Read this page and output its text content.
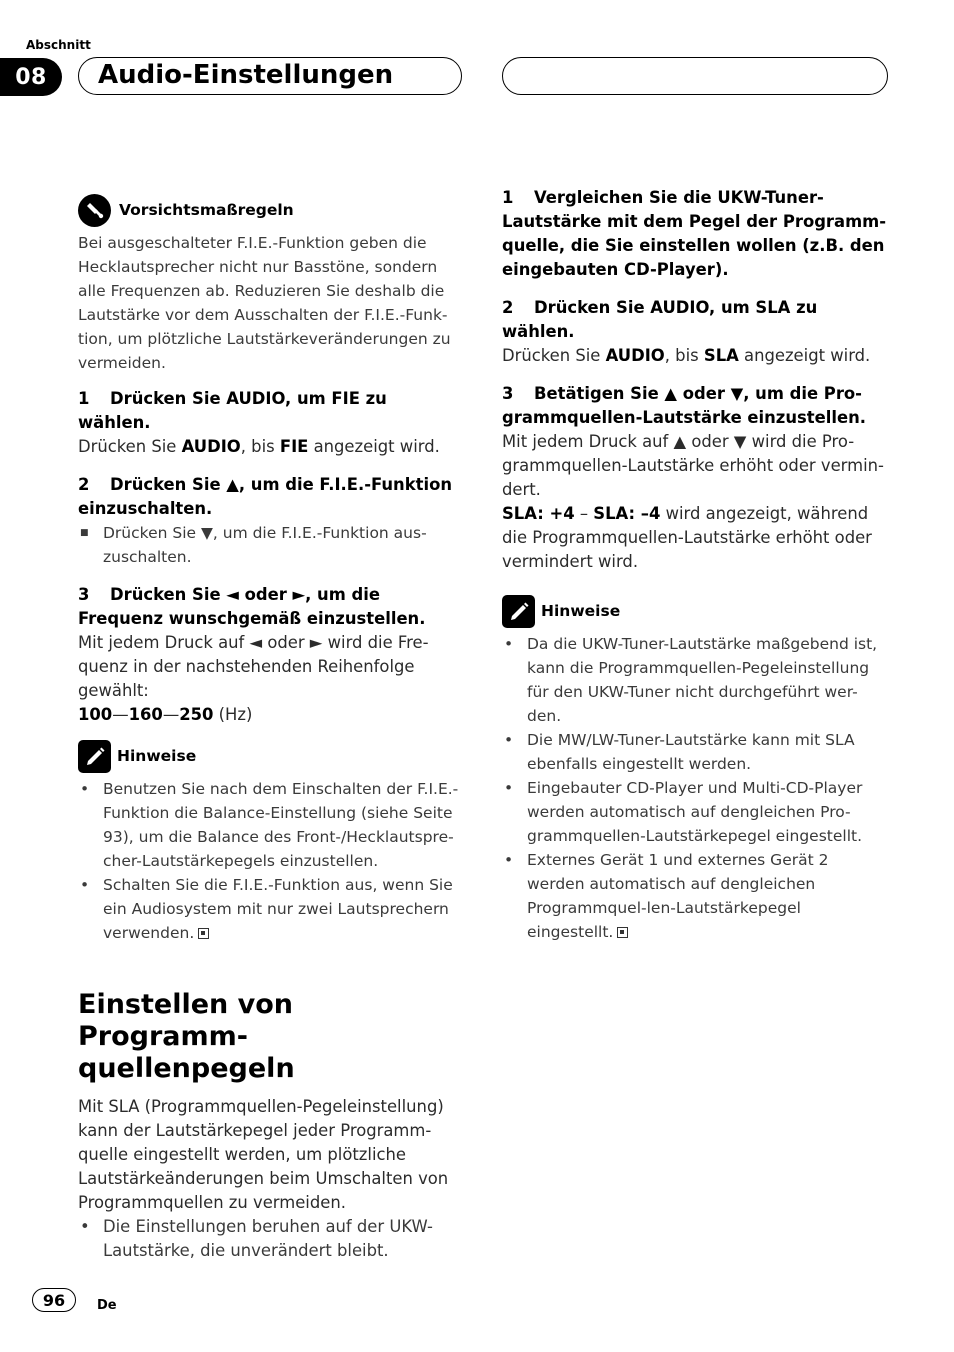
Abschnitt
08	Audio-Einstellungen
Vorsichtsmaßregeln

Bei ausgeschalteter F.I.E.-Funktion geben die Hecklautsprecher nicht nur Basstöne, sondern alle Frequenzen ab. Reduzieren Sie deshalb die Lautstärke vor dem Ausschalten der F.I.E.-Funk-tion, um plötzliche Lautstärkeveränderungen zu vermeiden.

1 Drücken Sie AUDIO, um FIE zu wählen.

Drücken Sie AUDIO, bis FIE angezeigt wird.

2 Drücken Sie ▲, um die F.I.E.-Funktion einzuschalten.

■ Drücken Sie ▼, um die F.I.E.-Funktion aus-zuschalten.

3 Drücken Sie ◄ oder ►, um die Frequenz wunschgemäß einzustellen.

Mit jedem Druck auf ◄ oder ► wird die Fre-quenz in der nachstehenden Reihenfolge gewählt:

100—160—250 (Hz)

Hinweise
• Benutzen Sie nach dem Einschalten der F.I.E.-Funktion die Balance-Einstellung (siehe Seite 93), um die Balance des Front-/Hecklautspre-cher-Lautstärkepegels einzustellen.
• Schalten Sie die F.I.E.-Funktion aus, wenn Sie ein Audiosystem mit nur zwei Lautsprechern verwenden.

Einstellen von Programm-quellenpegeln

Mit SLA (Programmquellen-Pegeleinstellung) kann der Lautstärkepegel jeder Programm-quelle eingestellt werden, um plötzliche Lautstärkeänderungen beim Umschalten von Programmquellen zu vermeiden.

• Die Einstellungen beruhen auf der UKW-Lautstärke, die unverändert bleibt.

1 Vergleichen Sie die UKW-Tuner-Lautstärke mit dem Pegel der Programm-quelle, die Sie einstellen wollen (z.B. den eingebauten CD-Player).

2 Drücken Sie AUDIO, um SLA zu wählen.

Drücken Sie AUDIO, bis SLA angezeigt wird.

3 Betätigen Sie ▲ oder ▼, um die Pro-grammquellen-Lautstärke einzustellen.

Mit jedem Druck auf ▲ oder ▼ wird die Pro-grammquellen-Lautstärke erhöht oder vermin-dert.

SLA: +4 – SLA: –4 wird angezeigt, während die Programmquellen-Lautstärke erhöht oder vermindert wird.

Hinweise
• Da die UKW-Tuner-Lautstärke maßgebend ist, kann die Programmquellen-Pegeleinstellung für den UKW-Tuner nicht durchgeführt wer-den.
• Die MW/LW-Tuner-Lautstärke kann mit SLA ebenfalls eingestellt werden.
• Eingebauter CD-Player und Multi-CD-Player werden automatisch auf dengleichen Pro-grammquellen-Lautstärkepegel eingestellt.
• Externes Gerät 1 und externes Gerät 2 werden automatisch auf dengleichen Programmquel-len-Lautstärkepegel eingestellt.
96	De
